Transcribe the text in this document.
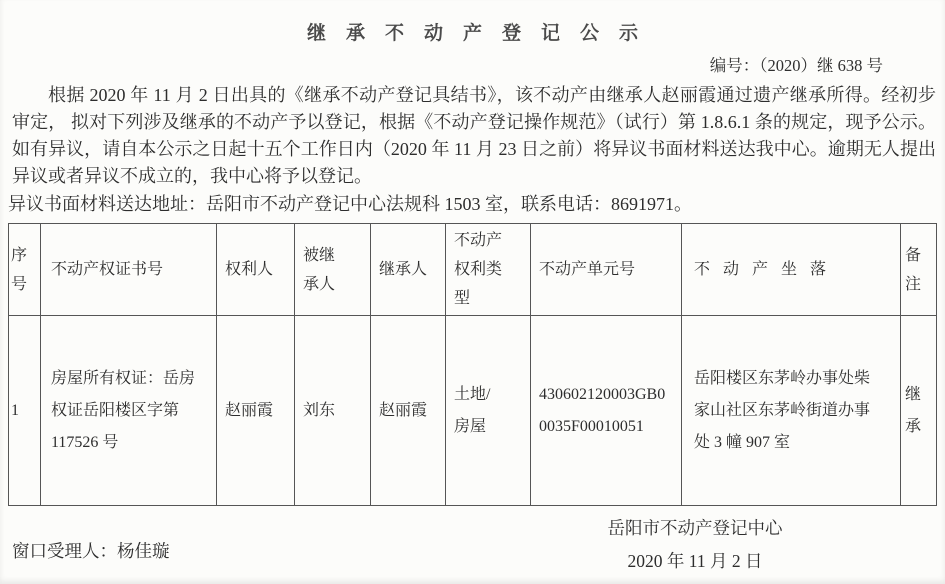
继承不动产登记公示
编号：（2020）继 638 号

根据 2020 年 11 月 2 日出具的《继承不动产登记具结书》，该不动产由继承人赵丽霞通过遗产继承所得。经初步审定， 拟对下列涉及继承的不动产予以登记，根据《不动产登记操作规范》（试行）第 1.8.6.1 条的规定，现予公示。如有异议，请自本公示之日起十五个工作日内（2020 年 11 月 23 日之前）将异议书面材料送达我中心。逾期无人提出异议或者异议不成立的，我中心将予以登记。

异议书面材料送达地址：岳阳市不动产登记中心法规科 1503 室，联系电话：8691971。

序号	不动产权证书号	权利人	被继承人	继承人	不动产权利类型	不动产单元号	不动产坐落	备注
1	房屋所有权证：岳房权证岳阳楼区字第 117526 号	赵丽霞	刘东	赵丽霞	土地/房屋	430602120003GB00035F00010051	岳阳楼区东茅岭办事处柴家山社区东茅岭街道办事处 3 幢 907 室	继承
窗口受理人：杨佳璇
岳阳市不动产登记中心
2020 年 11 月 2 日
